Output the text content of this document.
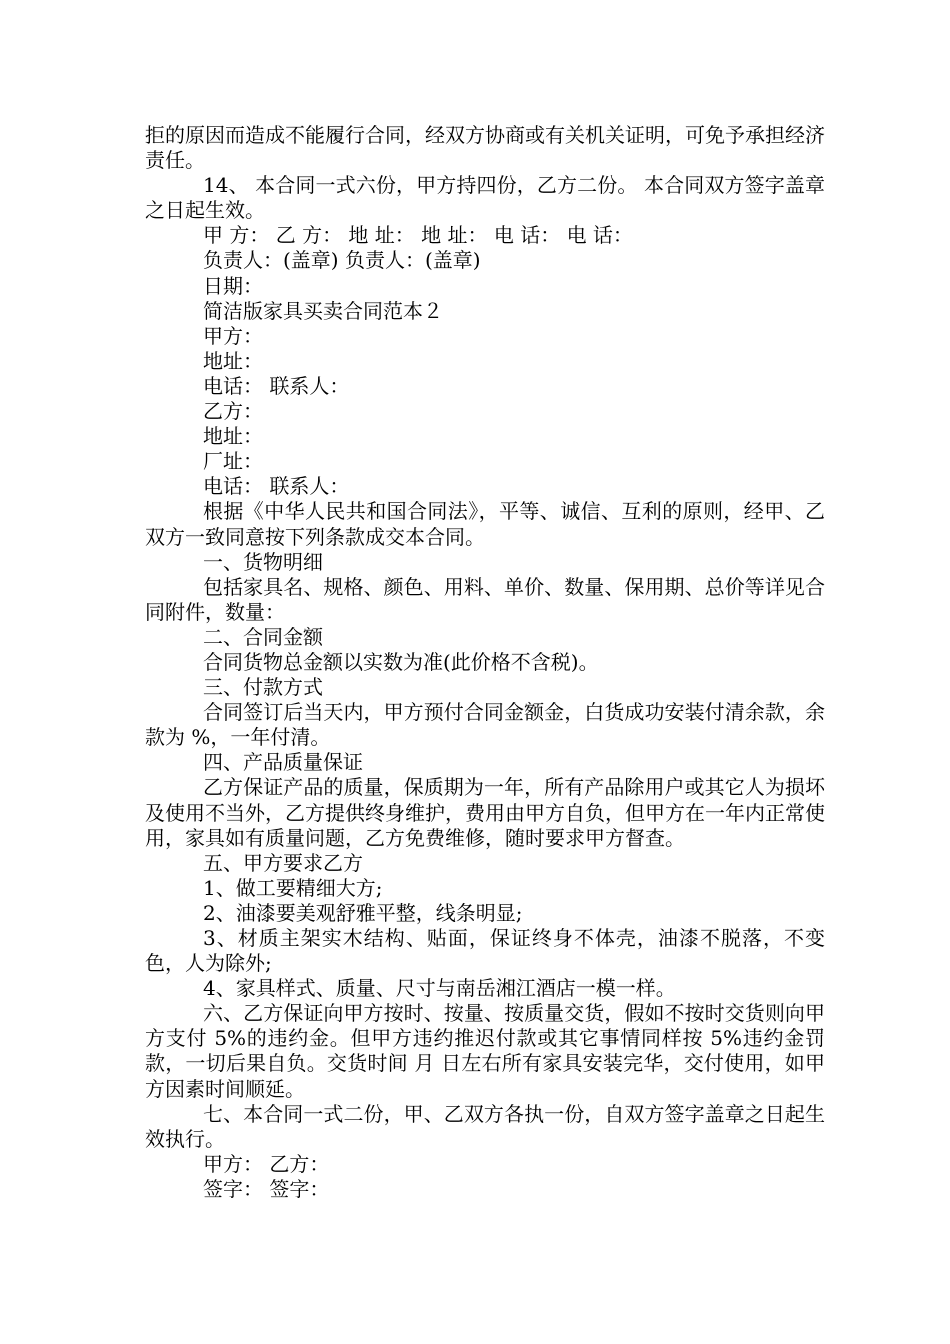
拒的原因而造成不能履行合同，经双方协商或有关机关证明，可免予承担经济责任。

14、 本合同一式六份，甲方持四份，乙方二份。 本合同双方签字盖章之日起生效。

甲 方： 乙 方： 地 址： 地 址： 电 话： 电 话：

负责人：(盖章) 负责人：(盖章)

日期：

简洁版家具买卖合同范本２

甲方：

地址：

电话： 联系人：

乙方：

地址：

厂址：

电话： 联系人：

根据《中华人民共和国合同法》，平等、诚信、互利的原则，经甲、乙双方一致同意按下列条款成交本合同。

一、货物明细

包括家具名、规格、颜色、用料、单价、数量、保用期、总价等详见合同附件，数量：

二、合同金额

合同货物总金额以实数为准(此价格不含税)。

三、付款方式

合同签订后当天内，甲方预付合同金额金，白货成功安装付清余款，余款为 %，一年付清。

四、产品质量保证

乙方保证产品的质量，保质期为一年，所有产品除用户或其它人为损坏及使用不当外，乙方提供终身维护，费用由甲方自负，但甲方在一年内正常使用，家具如有质量问题，乙方免费维修，随时要求甲方督查。

五、甲方要求乙方

1、做工要精细大方;

2、油漆要美观舒雅平整，线条明显;

3、材质主架实木结构、贴面，保证终身不体壳，油漆不脱落，不变色，人为除外;

4、家具样式、质量、尺寸与南岳湘江酒店一模一样。

六、乙方保证向甲方按时、按量、按质量交货，假如不按时交货则向甲方支付 5%的违约金。但甲方违约推迟付款或其它事情同样按 5%违约金罚款，一切后果自负。交货时间 月 日左右所有家具安装完华，交付使用，如甲方因素时间顺延。

七、本合同一式二份，甲、乙双方各执一份，自双方签字盖章之日起生效执行。

甲方： 乙方：

签字： 签字：
